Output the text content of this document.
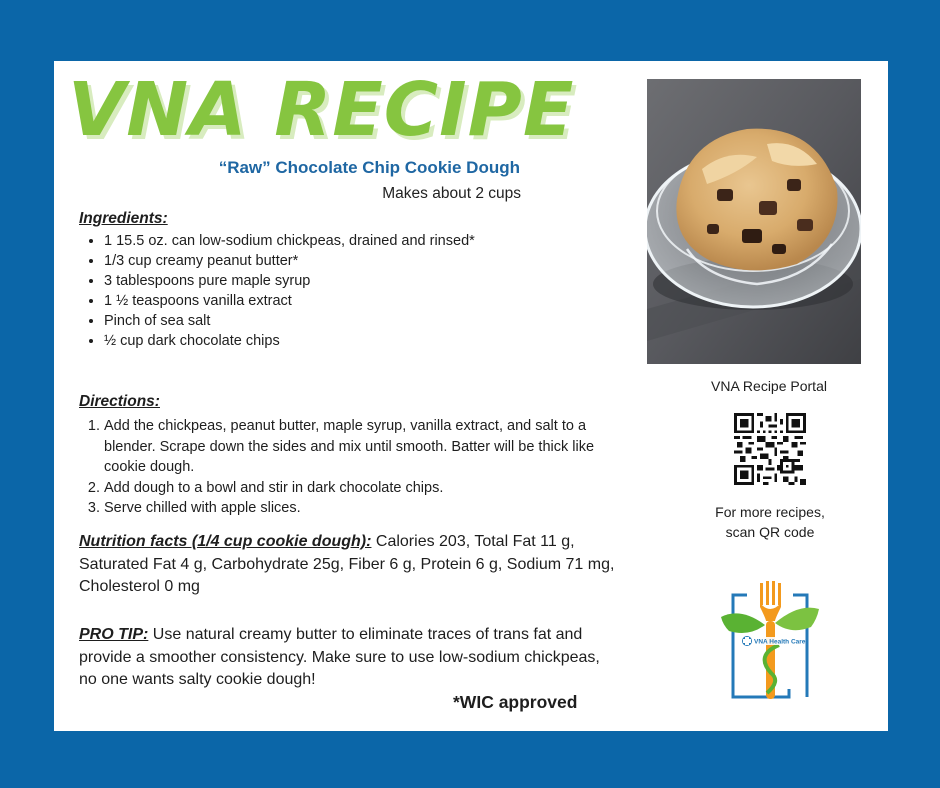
VNA RECIPE
“Raw” Chocolate Chip Cookie Dough
Makes about 2 cups
Ingredients:
• 1 15.5 oz. can low-sodium chickpeas, drained and rinsed*
• 1/3 cup creamy peanut butter*
• 3 tablespoons pure maple syrup
• 1 ½ teaspoons vanilla extract
• Pinch of sea salt
• ½ cup dark chocolate chips
Directions:
1. Add the chickpeas, peanut butter, maple syrup, vanilla extract, and salt to a blender. Scrape down the sides and mix until smooth. Batter will be thick like cookie dough.
2. Add dough to a bowl and stir in dark chocolate chips.
3. Serve chilled with apple slices.
Nutrition facts (1/4 cup cookie dough): Calories 203, Total Fat 11 g, Saturated Fat 4 g, Carbohydrate 25g, Fiber 6 g, Protein 6 g, Sodium 71 mg, Cholesterol 0 mg
PRO TIP: Use natural creamy butter to eliminate traces of trans fat and provide a smoother consistency. Make sure to use low-sodium chickpeas, no one wants salty cookie dough!
*WIC approved
VNA Recipe Portal
For more recipes, scan QR code
VNA Health Care
